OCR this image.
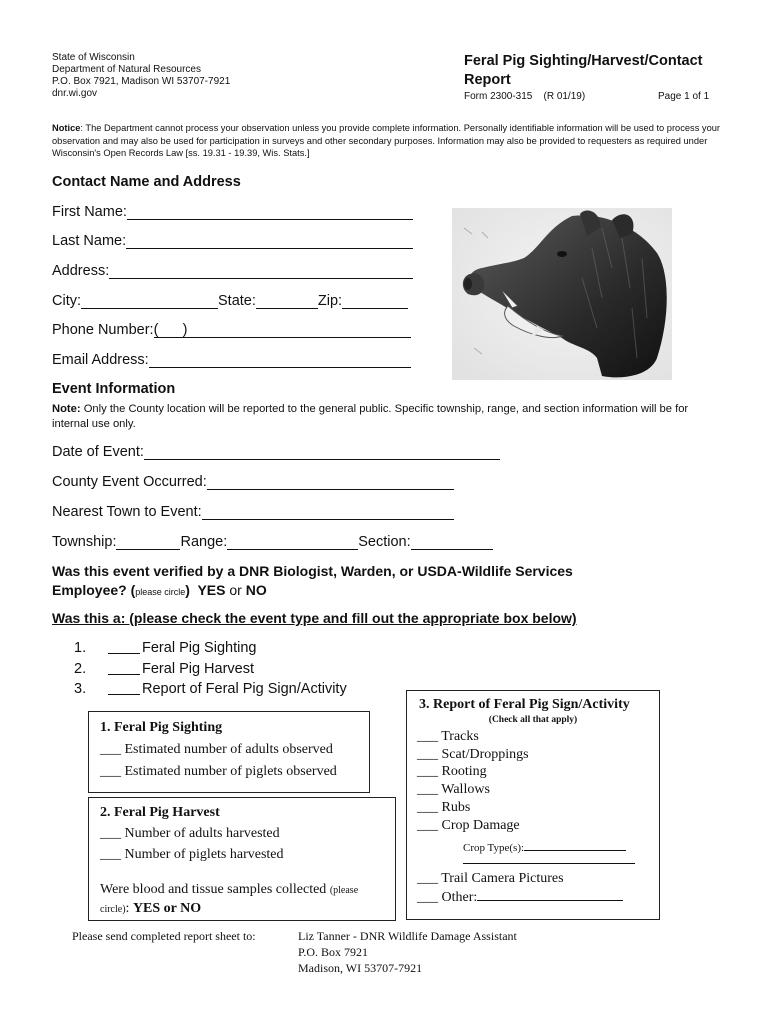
State of Wisconsin
Department of Natural Resources
P.O. Box 7921, Madison WI 53707-7921
dnr.wi.gov
Feral Pig Sighting/Harvest/Contact Report
Form 2300-315    (R 01/19)	Page 1 of 1
Notice: The Department cannot process your observation unless you provide complete information. Personally identifiable information will be used to process your observation and may also be used for participation in surveys and other secondary purposes. Information may also be provided to requesters as required under Wisconsin's Open Records Law [ss. 19.31 - 19.39, Wis. Stats.]
Contact Name and Address
First Name:
Last Name:
Address:
City:	State:	Zip:
Phone Number: (      )
Email Address:
Event Information
Note: Only the County location will be reported to the general public. Specific township, range, and section information will be for internal use only.
Date of Event:
County Event Occurred:
Nearest Town to Event:
Township:	Range:	Section:
Was this event verified by a DNR Biologist, Warden, or USDA-Wildlife Services
Employee? (please circle)  YES or NO
Was this a: (please check the event type and fill out the appropriate box below)
1.	Feral Pig Sighting
2.	Feral Pig Harvest
3.	Report of Feral Pig Sign/Activity
1. Feral Pig Sighting
___ Estimated number of adults observed
___ Estimated number of piglets observed
2. Feral Pig Harvest
___ Number of adults harvested
___ Number of piglets harvested
Were blood and tissue samples collected (please
circle): YES or NO
3. Report of Feral Pig Sign/Activity
(Check all that apply)
___ Tracks
___ Scat/Droppings
___ Rooting
___ Wallows
___ Rubs
___ Crop Damage
Crop Type(s):
___ Trail Camera Pictures
___ Other:
Please send completed report sheet to:	Liz Tanner - DNR Wildlife Damage Assistant
P.O. Box 7921
Madison, WI 53707-7921
